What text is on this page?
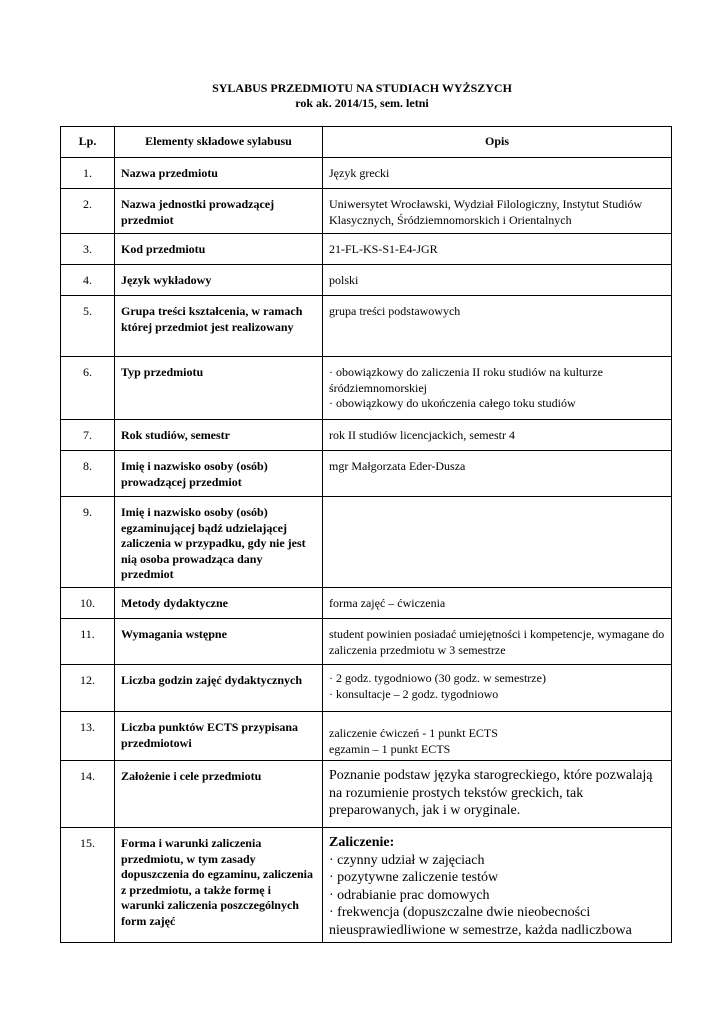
SYLABUS PRZEDMIOTU NA STUDIACH WYŻSZYCH
rok ak. 2014/15, sem. letni
Lp.	Elementy składowe sylabusu	Opis
1.	Nazwa przedmiotu	Język grecki
2.	Nazwa jednostki prowadzącej przedmiot	Uniwersytet Wrocławski, Wydział Filologiczny, Instytut Studiów Klasycznych, Śródziemnomorskich i Orientalnych
3.	Kod przedmiotu	21-FL-KS-S1-E4-JGR
4.	Język wykładowy	polski
5.	Grupa treści kształcenia, w ramach której przedmiot jest realizowany	grupa treści podstawowych
6.	Typ przedmiotu	· obowiązkowy do zaliczenia II roku studiów na kulturze śródziemnomorskiej
· obowiązkowy do ukończenia całego toku studiów

7.	Rok studiów, semestr	rok II studiów licencjackich, semestr 4
8.	Imię i nazwisko osoby (osób) prowadzącej przedmiot	mgr Małgorzata Eder-Dusza
9.	Imię i nazwisko osoby (osób) egzaminującej bądź udzielającej zaliczenia w przypadku, gdy nie jest nią osoba prowadząca dany przedmiot	
10.	Metody dydaktyczne	forma zajęć – ćwiczenia
11.	Wymagania wstępne	student powinien posiadać umiejętności i kompetencje, wymagane do zaliczenia przedmiotu w 3 semestrze
12.	Liczba godzin zajęć dydaktycznych	· 2 godz. tygodniowo (30 godz. w semestrze)
· konsultacje – 2 godz. tygodniowo

13.	Liczba punktów ECTS przypisana przedmiotowi	zaliczenie ćwiczeń - 1 punkt ECTS
egzamin – 1 punkt ECTS

14.	Założenie i cele przedmiotu	Poznanie podstaw języka starogreckiego, które pozwalają na rozumienie prostych tekstów greckich, tak preparowanych, jak i w oryginale.
15.	Forma i warunki zaliczenia przedmiotu, w tym zasady dopuszczenia do egzaminu, zaliczenia z przedmiotu, a także formę i warunki zaliczenia poszczególnych form zajęć	Zaliczenie:
· czynny udział w zajęciach
· pozytywne zaliczenie testów
· odrabianie prac domowych
· frekwencja (dopuszczalne dwie nieobecności nieusprawiedliwione w semestrze, każda nadliczbowa
